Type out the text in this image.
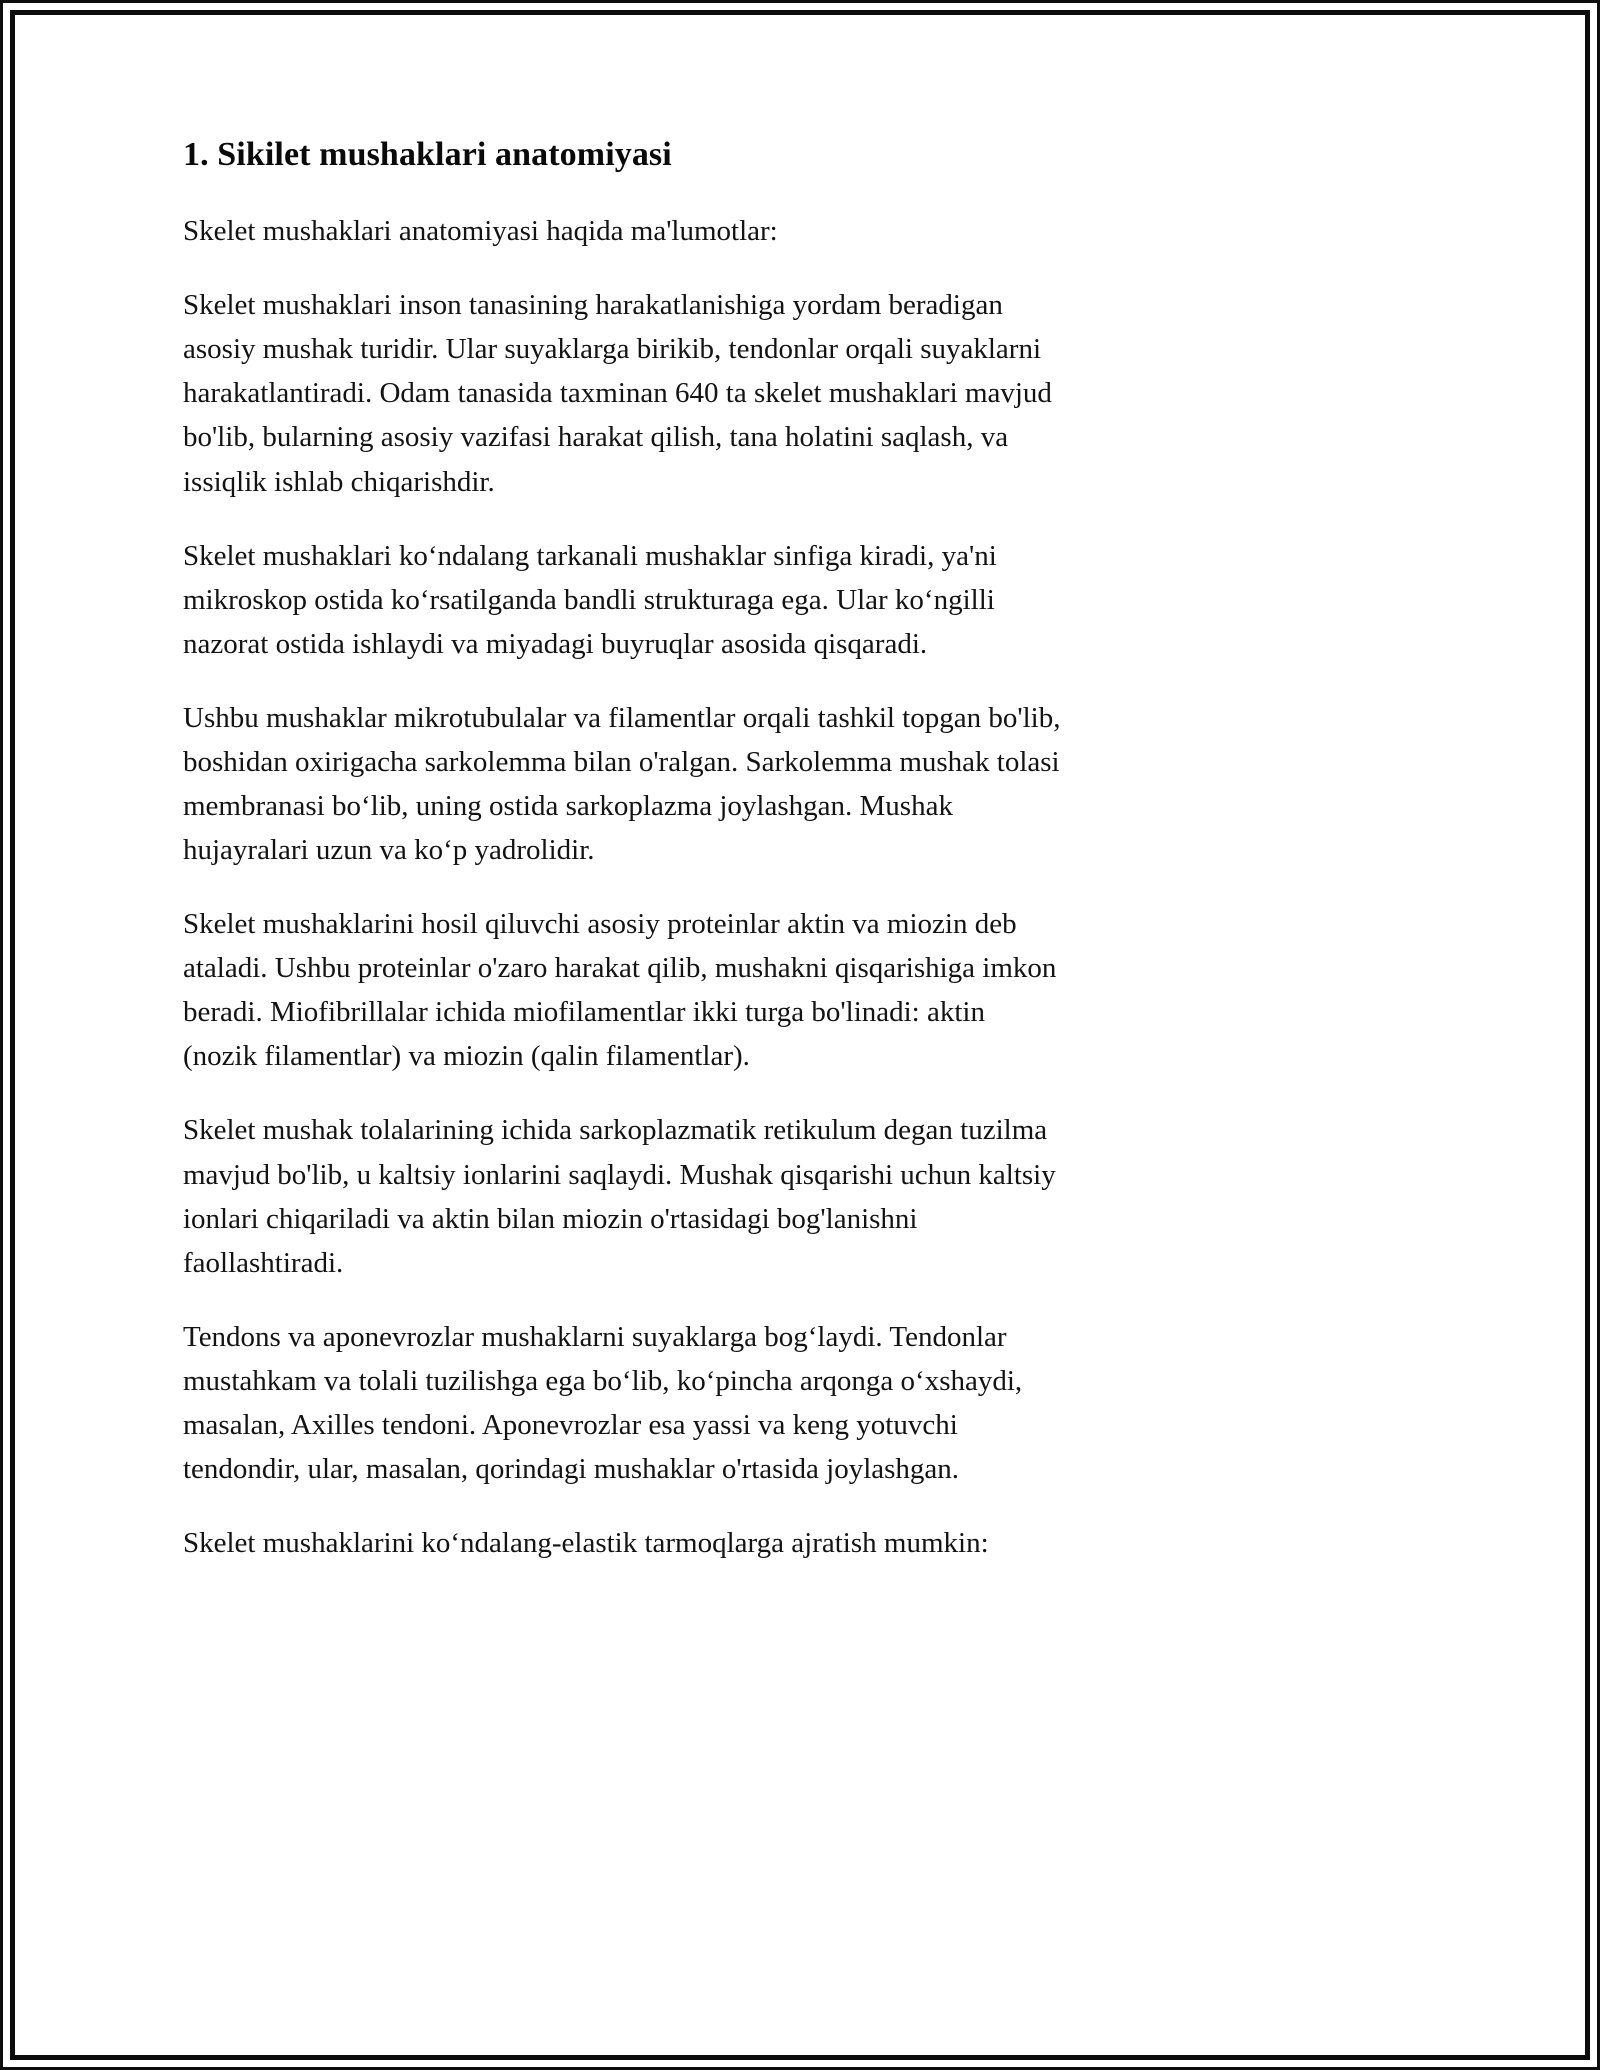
1. Sikilet mushaklari anatomiyasi

Skelet mushaklari anatomiyasi haqida ma'lumotlar:

Skelet mushaklari inson tanasining harakatlanishiga yordam beradigan asosiy mushak turidir. Ular suyaklarga birikib, tendonlar orqali suyaklarni harakatlantiradi. Odam tanasida taxminan 640 ta skelet mushaklari mavjud bo'lib, bularning asosiy vazifasi harakat qilish, tana holatini saqlash, va issiqlik ishlab chiqarishdir.

Skelet mushaklari koʻndalang tarkanali mushaklar sinfiga kiradi, ya'ni mikroskop ostida koʻrsatilganda bandli strukturaga ega. Ular koʻngilli nazorat ostida ishlaydi va miyadagi buyruqlar asosida qisqaradi.

Ushbu mushaklar mikrotubulalar va filamentlar orqali tashkil topgan bo'lib, boshidan oxirigacha sarkolemma bilan o'ralgan. Sarkolemma mushak tolasi membranasi boʻlib, uning ostida sarkoplazma joylashgan. Mushak hujayralari uzun va koʻp yadrolidir.

Skelet mushaklarini hosil qiluvchi asosiy proteinlar aktin va miozin deb ataladi. Ushbu proteinlar o'zaro harakat qilib, mushakni qisqarishiga imkon beradi. Miofibrillalar ichida miofilamentlar ikki turga bo'linadi: aktin (nozik filamentlar) va miozin (qalin filamentlar).

Skelet mushak tolalarining ichida sarkoplazmatik retikulum degan tuzilma mavjud bo'lib, u kaltsiy ionlarini saqlaydi. Mushak qisqarishi uchun kaltsiy ionlari chiqariladi va aktin bilan miozin o'rtasidagi bog'lanishni faollashtiradi.

Tendons va aponevrozlar mushaklarni suyaklarga bogʻlaydi. Tendonlar mustahkam va tolali tuzilishga ega boʻlib, koʻpincha arqonga oʻxshaydi, masalan, Axilles tendoni. Aponevrozlar esa yassi va keng yotuvchi tendondir, ular, masalan, qorindagi mushaklar o'rtasida joylashgan.

Skelet mushaklarini koʻndalang-elastik tarmoqlarga ajratish mumkin:
